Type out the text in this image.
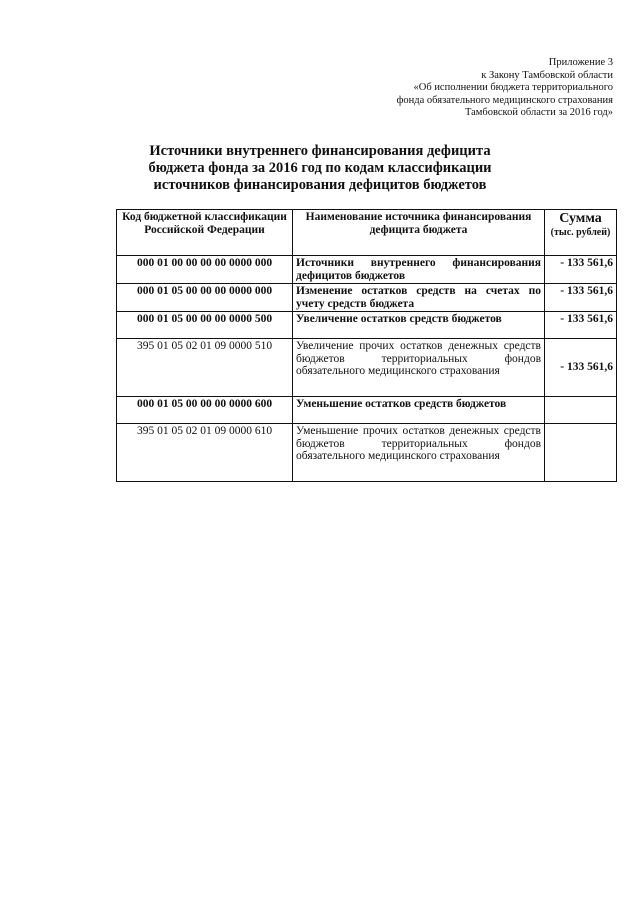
Приложение 3
к Закону Тамбовской области
«Об исполнении бюджета территориального
фонда обязательного медицинского страхования
Тамбовской области за 2016 год»
Источники внутреннего финансирования дефицита
бюджета фонда за 2016 год по кодам классификации
источников финансирования дефицитов бюджетов
Код бюджетной классификации Российской Федерации	Наименование источника финансирования дефицита бюджета	Сумма
(тыс. рублей)

000 01 00 00 00 00 0000 000	Источники внутреннего финансирования дефицитов бюджетов	- 133 561,6
000 01 05 00 00 00 0000 000	Изменение остатков средств на счетах по учету средств бюджета	- 133 561,6
000 01 05 00 00 00 0000 500	Увеличение остатков средств бюджетов	- 133 561,6
395 01 05 02 01 09 0000 510	Увеличение прочих остатков денежных средств бюджетов территориальных фондов обязательного медицинского страхования	- 133 561,6
000 01 05 00 00 00 0000 600	Уменьшение остатков средств бюджетов	
395 01 05 02 01 09 0000 610	Уменьшение прочих остатков денежных средств бюджетов территориальных фондов обязательного медицинского страхования	
